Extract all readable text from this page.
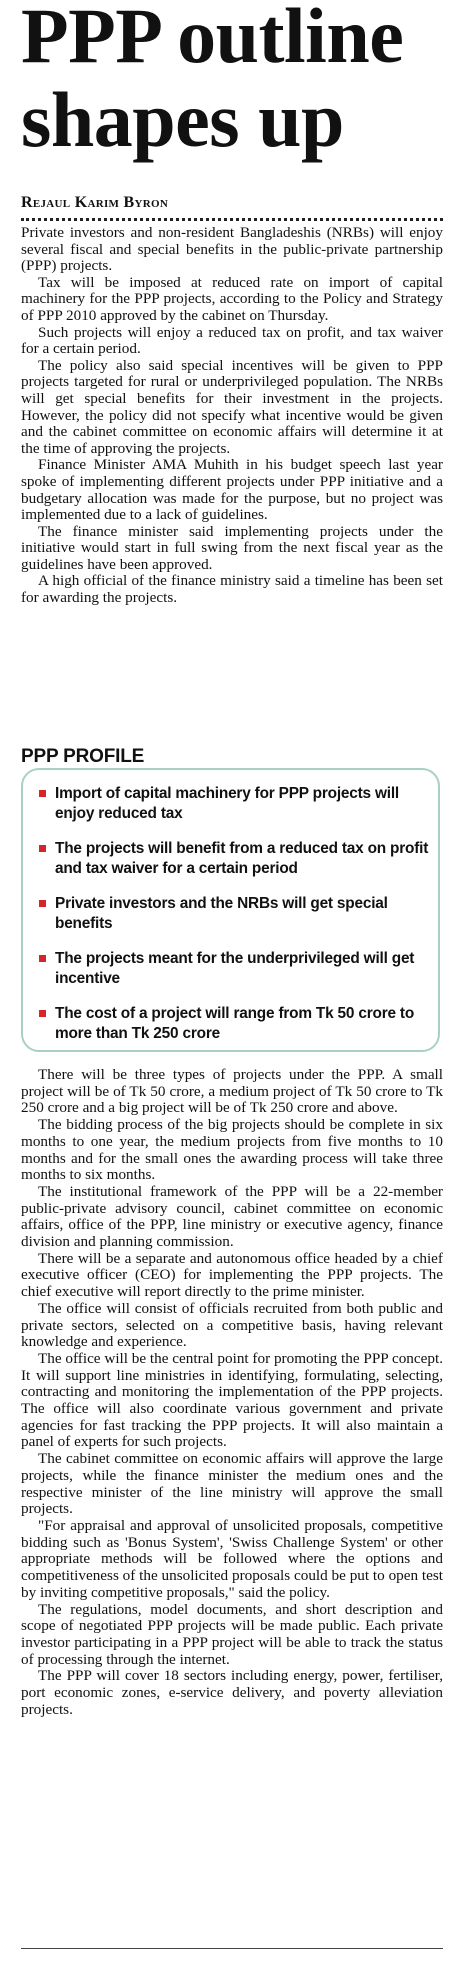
PPP outline
shapes up
Rejaul Karim Byron

Private investors and non-resident Bangladeshis (NRBs) will enjoy several fiscal and special benefits in the public-private partnership (PPP) projects.

Tax will be imposed at reduced rate on import of capital machinery for the PPP projects, according to the Policy and Strategy of PPP 2010 approved by the cabinet on Thursday.

Such projects will enjoy a reduced tax on profit, and tax waiver for a certain period.

The policy also said special incentives will be given to PPP projects targeted for rural or underprivileged population. The NRBs will get special benefits for their investment in the projects. However, the policy did not specify what incentive would be given and the cabinet committee on economic affairs will determine it at the time of approving the projects.

Finance Minister AMA Muhith in his budget speech last year spoke of implementing different projects under PPP initiative and a budgetary allocation was made for the purpose, but no project was implemented due to a lack of guidelines.

The finance minister said implementing projects under the initiative would start in full swing from the next fiscal year as the guidelines have been approved.

A high official of the finance ministry said a timeline has been set for awarding the projects.

PPP PROFILE
Import of capital machinery for PPP projects will enjoy reduced tax
The projects will benefit from a reduced tax on profit and tax waiver for a certain period
Private investors and the NRBs will get special benefits
The projects meant for the underprivileged will get incentive
The cost of a project will range from Tk 50 crore to more than Tk 250 crore

There will be three types of projects under the PPP. A small project will be of Tk 50 crore, a medium project of Tk 50 crore to Tk 250 crore and a big project will be of Tk 250 crore and above.

The bidding process of the big projects should be complete in six months to one year, the medium projects from five months to 10 months and for the small ones the awarding process will take three months to six months.

The institutional framework of the PPP will be a 22-member public-private advisory council, cabinet committee on economic affairs, office of the PPP, line ministry or executive agency, finance division and planning commission.

There will be a separate and autonomous office headed by a chief executive officer (CEO) for implementing the PPP projects. The chief executive will report directly to the prime minister.

The office will consist of officials recruited from both public and private sectors, selected on a competitive basis, having relevant knowledge and experience.

The office will be the central point for promoting the PPP concept. It will support line ministries in identifying, formulating, selecting, contracting and monitoring the implementation of the PPP projects. The office will also coordinate various government and private agencies for fast tracking the PPP projects. It will also maintain a panel of experts for such projects.

The cabinet committee on economic affairs will approve the large projects, while the finance minister the medium ones and the respective minister of the line ministry will approve the small projects.

"For appraisal and approval of unsolicited proposals, competitive bidding such as 'Bonus System', 'Swiss Challenge System' or other appropriate methods will be followed where the options and competitiveness of the unsolicited proposals could be put to open test by inviting competitive proposals," said the policy.

The regulations, model documents, and short description and scope of negotiated PPP projects will be made public. Each private investor participating in a PPP project will be able to track the status of processing through the internet.

The PPP will cover 18 sectors including energy, power, fertiliser, port economic zones, e-service delivery, and poverty alleviation projects.
